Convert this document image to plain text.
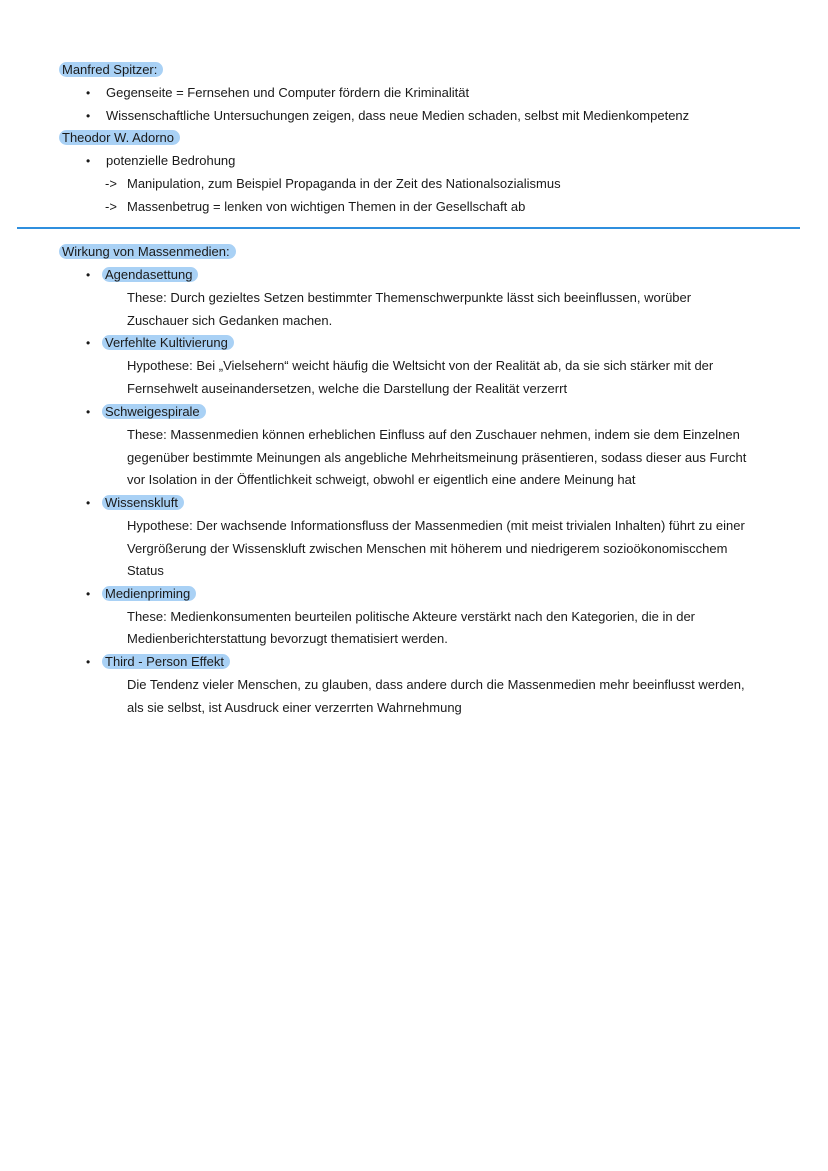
Manfred Spitzer:
• Gegenseite = Fernsehen und Computer fördern die Kriminalität
• Wissenschaftliche Untersuchungen zeigen, dass neue Medien schaden, selbst mit Medienkompetenz
Theodor W. Adorno
• potenzielle Bedrohung
-> Manipulation, zum Beispiel Propaganda in der Zeit des Nationalsozialismus
-> Massenbetrug = lenken von wichtigen Themen in der Gesellschaft ab
Wirkung von Massenmedien:
• Agendasettung
These: Durch gezieltes Setzen bestimmter Themenschwerpunkte lässt sich beeinflussen, worüber
Zuschauer sich Gedanken machen.
• Verfehlte Kultivierung
Hypothese: Bei „Vielsehern“ weicht häufig die Weltsicht von der Realität ab, da sie sich stärker mit der
Fernsehwelt auseinandersetzen, welche die Darstellung der Realität verzerrt
• Schweigespirale
These: Massenmedien können erheblichen Einfluss auf den Zuschauer nehmen, indem sie dem Einzelnen
gegenüber bestimmte Meinungen als angebliche Mehrheitsmeinung präsentieren, sodass dieser aus Furcht
vor Isolation in der Öffentlichkeit schweigt, obwohl er eigentlich eine andere Meinung hat
• Wissenskluft
Hypothese: Der wachsende Informationsfluss der Massenmedien (mit meist trivialen Inhalten) führt zu einer
Vergrößerung der Wissenskluft zwischen Menschen mit höherem und niedrigerem sozioökonomiscchem
Status
• Medienpriming
These: Medienkonsumenten beurteilen politische Akteure verstärkt nach den Kategorien, die in der
Medienberichterstattung bevorzugt thematisiert werden.
• Third - Person Effekt
Die Tendenz vieler Menschen, zu glauben, dass andere durch die Massenmedien mehr beeinflusst werden,
als sie selbst, ist Ausdruck einer verzerrten Wahrnehmung
